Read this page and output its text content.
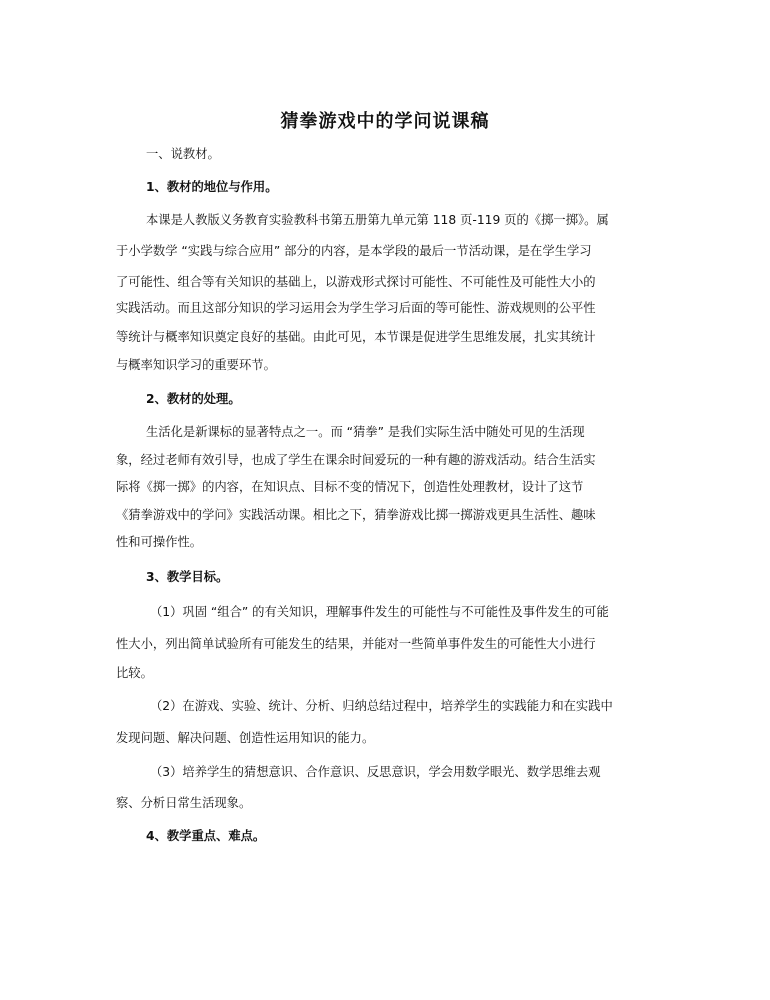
猜拳游戏中的学问说课稿
一、说教材。
1、教材的地位与作用。
本课是人教版义务教育实验教科书第五册第九单元第 118 页-119 页的《掷一掷》。属
于小学数学 “实践与综合应用” 部分的内容，是本学段的最后一节活动课，是在学生学习
了可能性、组合等有关知识的基础上，以游戏形式探讨可能性、不可能性及可能性大小的
实践活动。而且这部分知识的学习运用会为学生学习后面的等可能性、游戏规则的公平性
等统计与概率知识奠定良好的基础。由此可见，本节课是促进学生思维发展，扎实其统计
与概率知识学习的重要环节。
2、教材的处理。
生活化是新课标的显著特点之一。而 “猜拳” 是我们实际生活中随处可见的生活现
象，经过老师有效引导，也成了学生在课余时间爱玩的一种有趣的游戏活动。结合生活实
际将《掷一掷》的内容，在知识点、目标不变的情况下，创造性处理教材，设计了这节
《猜拳游戏中的学问》实践活动课。相比之下，猜拳游戏比掷一掷游戏更具生活性、趣味
性和可操作性。
3、教学目标。
（1）巩固 “组合” 的有关知识，理解事件发生的可能性与不可能性及事件发生的可能
性大小，列出简单试验所有可能发生的结果，并能对一些简单事件发生的可能性大小进行
比较。
（2）在游戏、实验、统计、分析、归纳总结过程中，培养学生的实践能力和在实践中
发现问题、解决问题、创造性运用知识的能力。
（3）培养学生的猜想意识、合作意识、反思意识，学会用数学眼光、数学思维去观
察、分析日常生活现象。
4、教学重点、难点。
